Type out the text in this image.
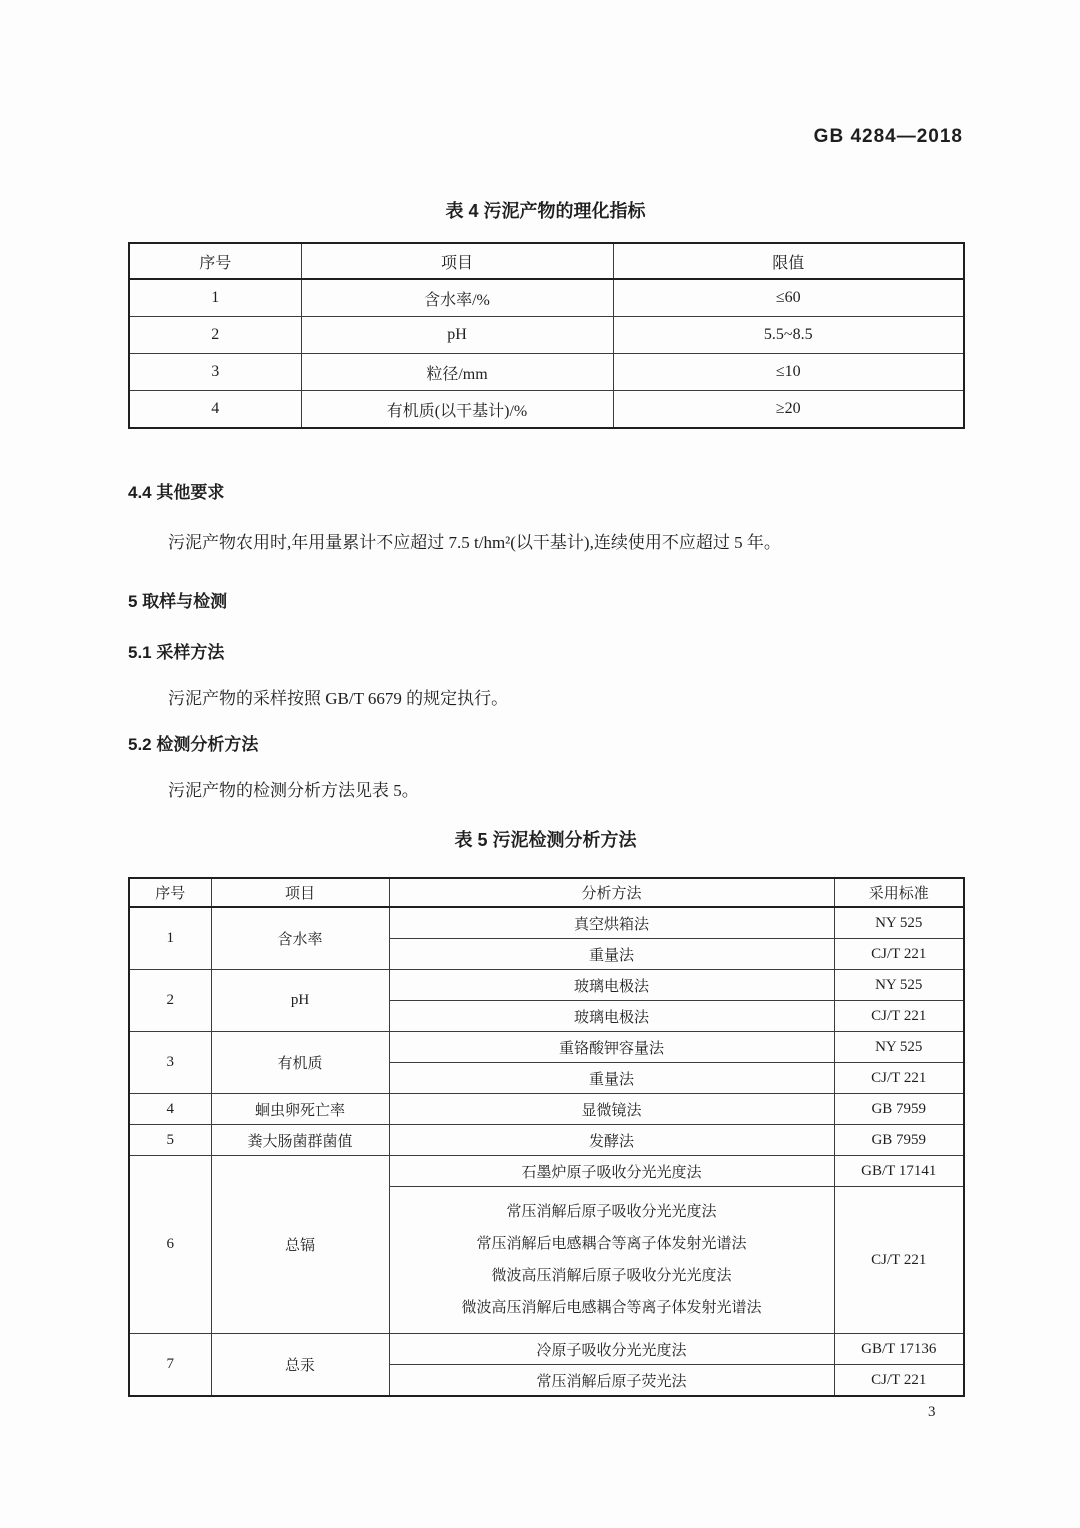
GB 4284—2018
表 4 污泥产物的理化指标
序号	项目	限值
1	含水率/%	≤60
2	pH	5.5~8.5
3	粒径/mm	≤10
4	有机质(以干基计)/%	≥20
4.4 其他要求
污泥产物农用时,年用量累计不应超过 7.5 t/hm²(以干基计),连续使用不应超过 5 年。
5 取样与检测
5.1 采样方法
污泥产物的采样按照 GB/T 6679 的规定执行。
5.2 检测分析方法
污泥产物的检测分析方法见表 5。
表 5 污泥检测分析方法
序号	项目	分析方法	采用标准
1	含水率	真空烘箱法	NY 525
		重量法	CJ/T 221
2	pH	玻璃电极法	NY 525
		玻璃电极法	CJ/T 221
3	有机质	重铬酸钾容量法	NY 525
		重量法	CJ/T 221
4	蛔虫卵死亡率	显微镜法	GB 7959
5	粪大肠菌群菌值	发酵法	GB 7959
6	总镉	石墨炉原子吸收分光光度法	GB/T 17141

		常压消解后原子吸收分光光度法
常压消解后电感耦合等离子体发射光谱法
微波高压消解后原子吸收分光光度法
微波高压消解后电感耦合等离子体发射光谱法	CJ/T 221
7	总汞	冷原子吸收分光光度法	GB/T 17136
		常压消解后原子荧光法	CJ/T 221
3
